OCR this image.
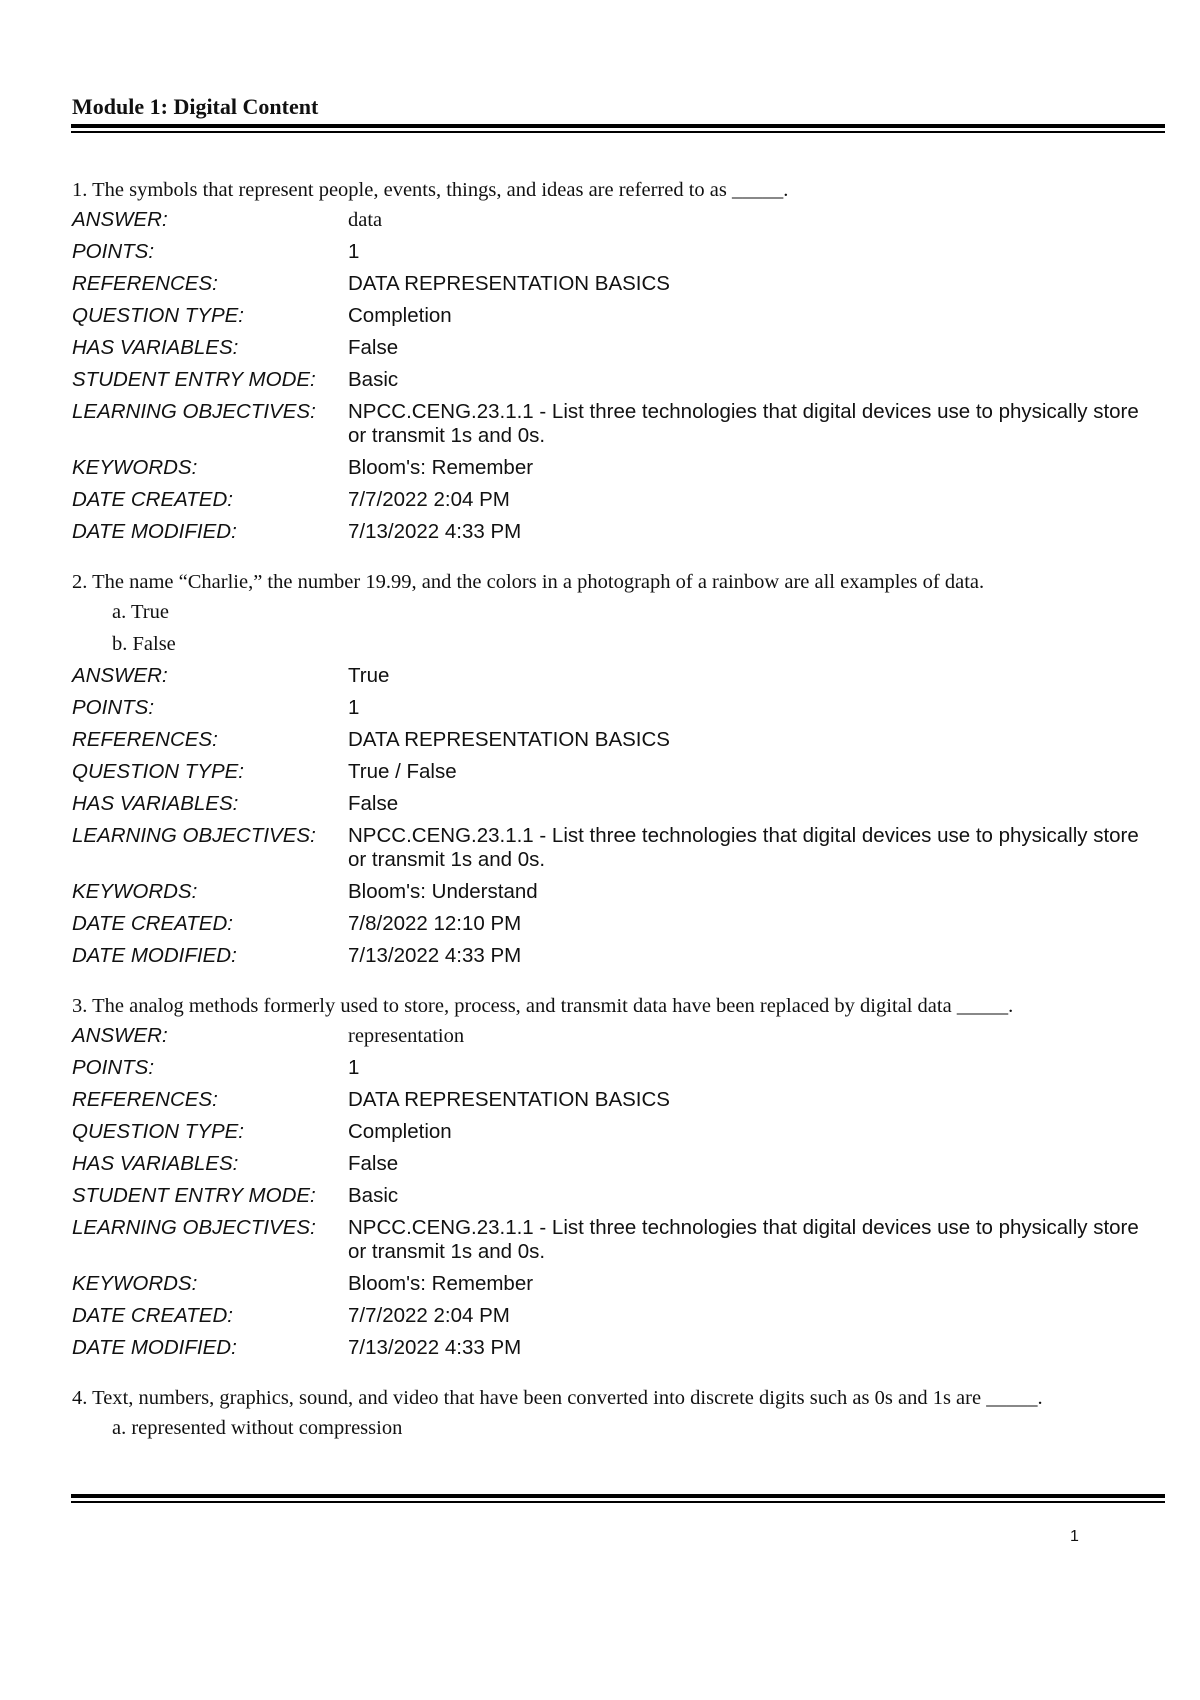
Module 1: Digital Content
1. The symbols that represent people, events, things, and ideas are referred to as _____.
ANSWER:	data
POINTS:	1
REFERENCES:	DATA REPRESENTATION BASICS
QUESTION TYPE:	Completion
HAS VARIABLES:	False
STUDENT ENTRY MODE:	Basic
LEARNING OBJECTIVES:	NPCC.CENG.23.1.1 - List three technologies that digital devices use to physically store or transmit 1s and 0s.
KEYWORDS:	Bloom's: Remember
DATE CREATED:	7/7/2022 2:04 PM
DATE MODIFIED:	7/13/2022 4:33 PM
2. The name “Charlie,” the number 19.99, and the colors in a photograph of a rainbow are all examples of data.
a. True
b. False
ANSWER:	True
POINTS:	1
REFERENCES:	DATA REPRESENTATION BASICS
QUESTION TYPE:	True / False
HAS VARIABLES:	False
LEARNING OBJECTIVES:	NPCC.CENG.23.1.1 - List three technologies that digital devices use to physically store or transmit 1s and 0s.
KEYWORDS:	Bloom's: Understand
DATE CREATED:	7/8/2022 12:10 PM
DATE MODIFIED:	7/13/2022 4:33 PM
3. The analog methods formerly used to store, process, and transmit data have been replaced by digital data _____.
ANSWER:	representation
POINTS:	1
REFERENCES:	DATA REPRESENTATION BASICS
QUESTION TYPE:	Completion
HAS VARIABLES:	False
STUDENT ENTRY MODE:	Basic
LEARNING OBJECTIVES:	NPCC.CENG.23.1.1 - List three technologies that digital devices use to physically store or transmit 1s and 0s.
KEYWORDS:	Bloom's: Remember
DATE CREATED:	7/7/2022 2:04 PM
DATE MODIFIED:	7/13/2022 4:33 PM
4. Text, numbers, graphics, sound, and video that have been converted into discrete digits such as 0s and 1s are _____.
a. represented without compression
1
